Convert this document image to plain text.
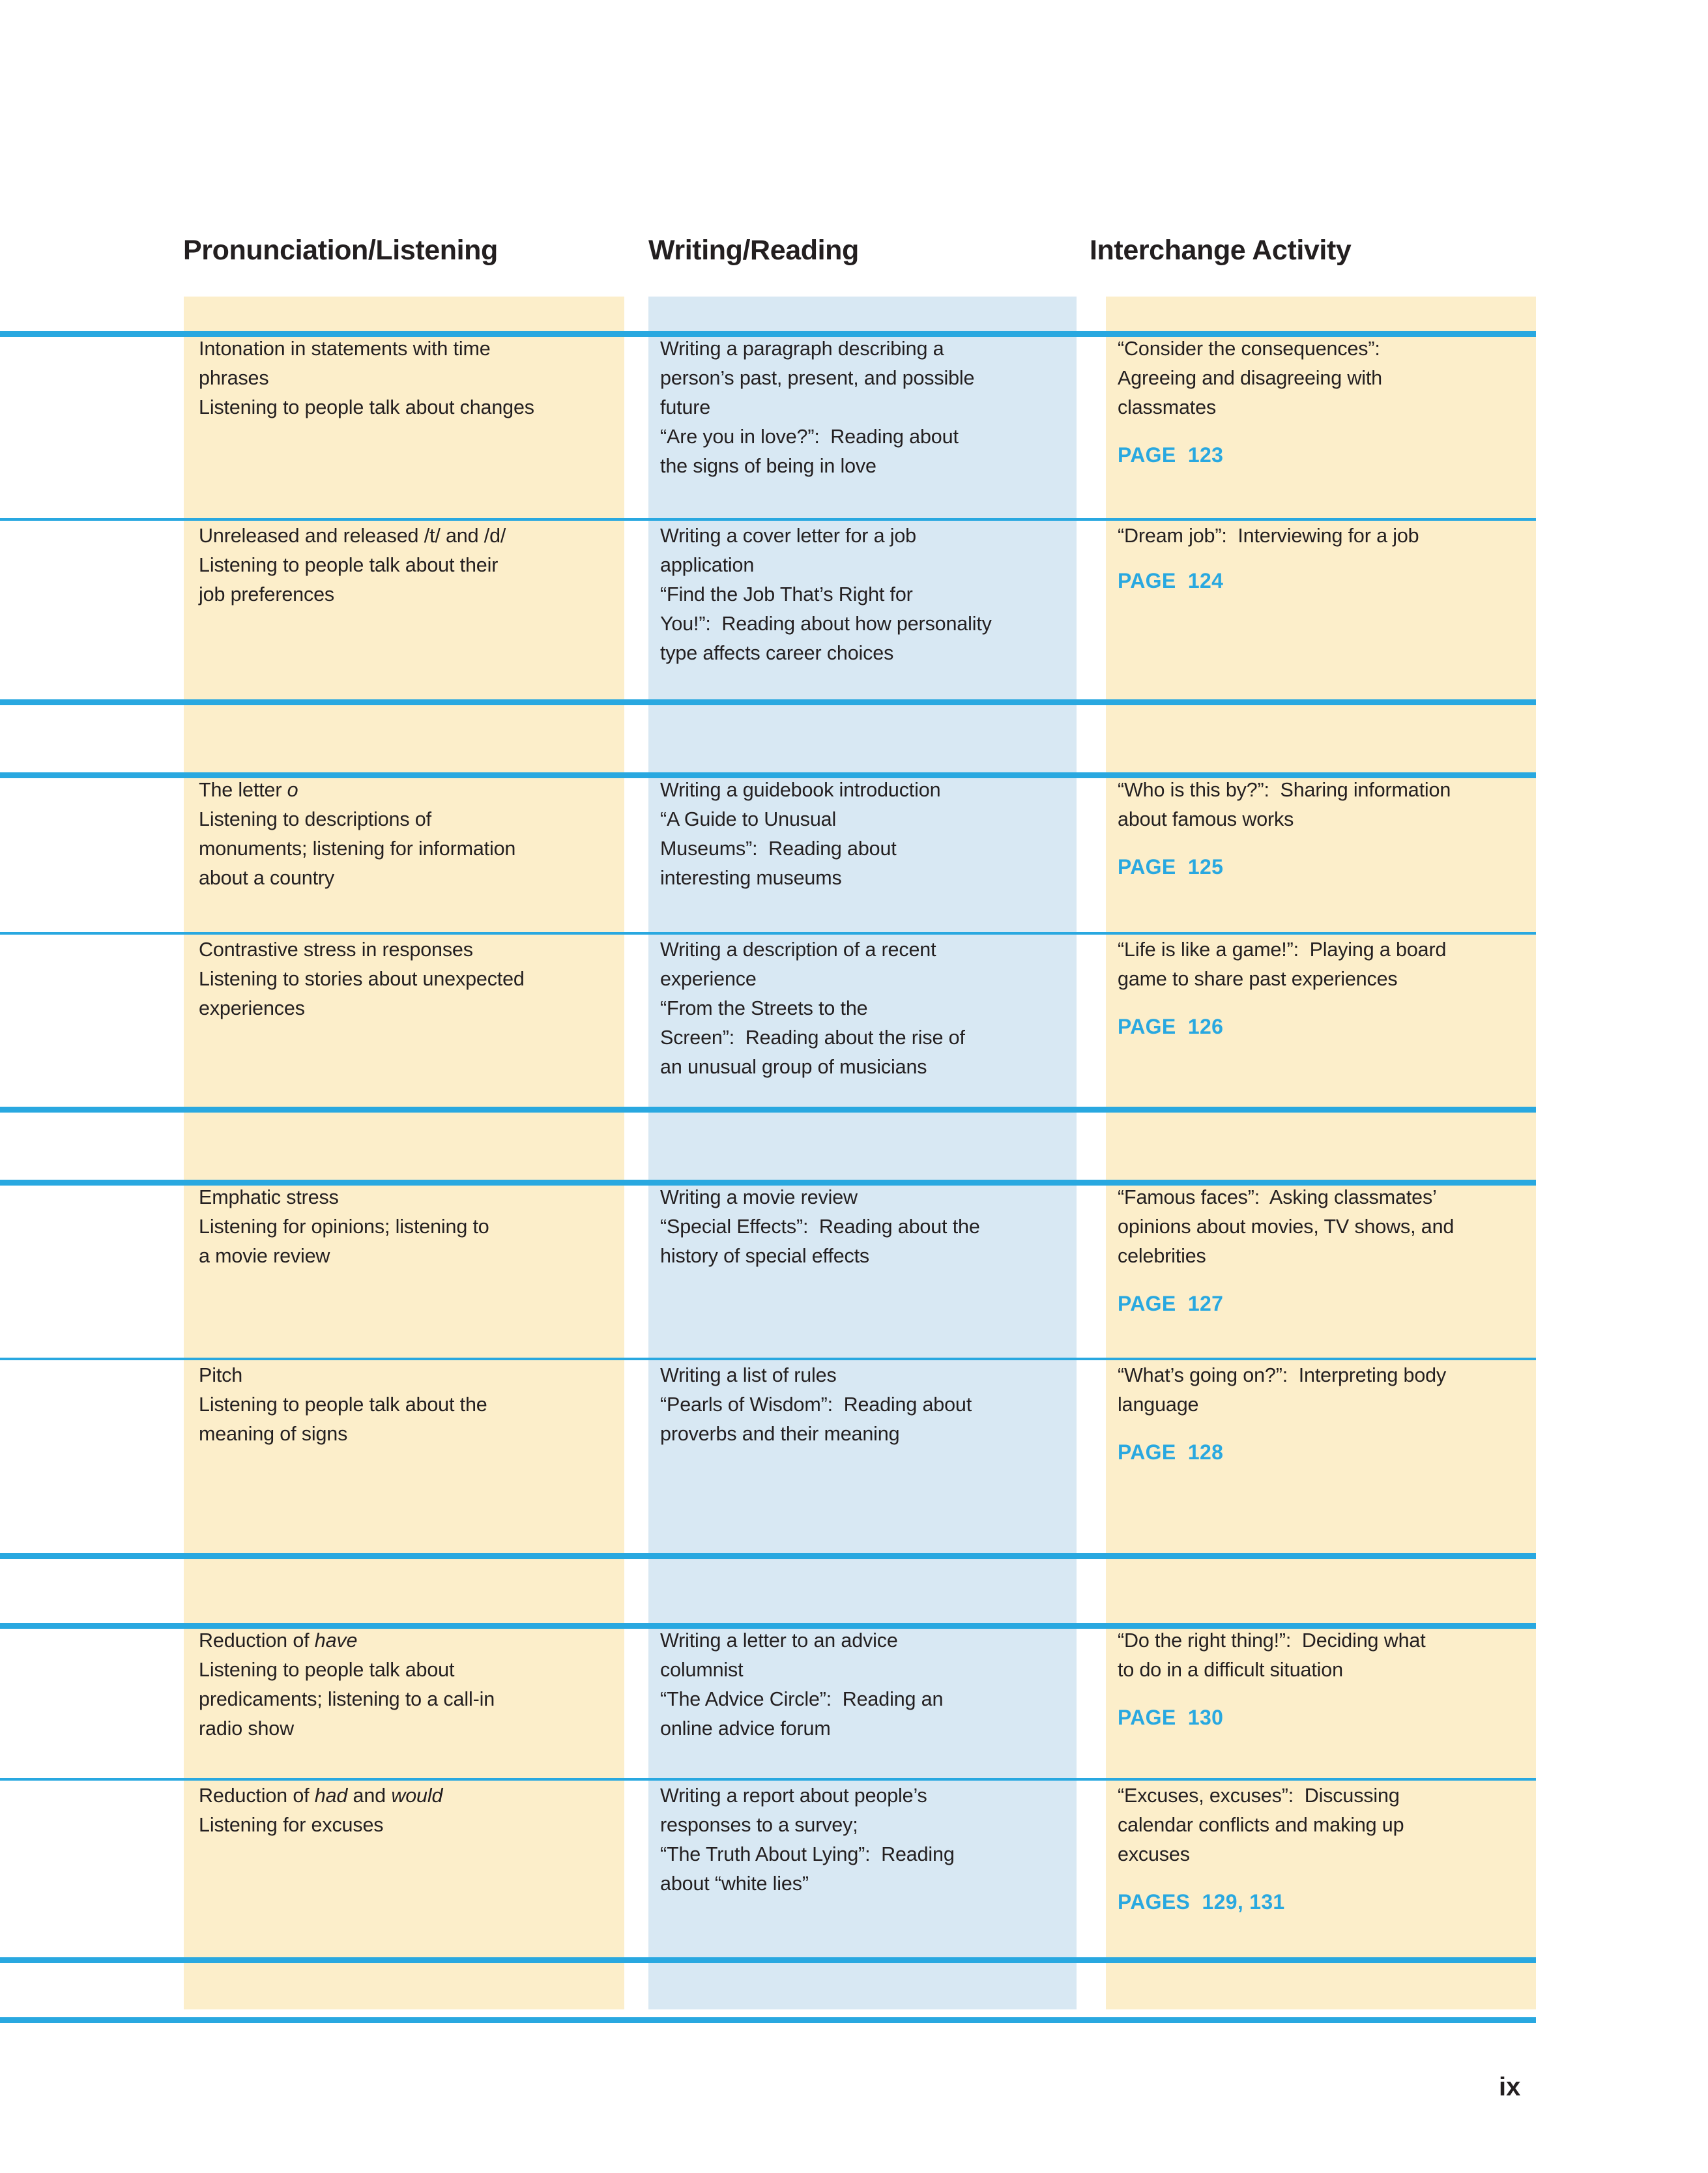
Pronunciation/Listening	Writing/Reading	Interchange Activity
Intonation in statements with time
phrases
Listening to people talk about changes
Writing a paragraph describing a
person’s past, present, and possible
future
“Are you in love?”:  Reading about
the signs of being in love
“Consider the consequences”:
Agreeing and disagreeing with
classmates
PAGE 123
Unreleased and released /t/ and /d/
Listening to people talk about their
job preferences
Writing a cover letter for a job
application
“Find the Job That’s Right for
You!”:  Reading about how personality
type affects career choices
“Dream job”:  Interviewing for a job
PAGE 124
The letter o
Listening to descriptions of
monuments; listening for information
about a country
Writing a guidebook introduction
“A Guide to Unusual
Museums”:  Reading about
interesting museums
“Who is this by?”:  Sharing information
about famous works
PAGE 125
Contrastive stress in responses
Listening to stories about unexpected
experiences
Writing a description of a recent
experience
“From the Streets to the
Screen”:  Reading about the rise of
an unusual group of musicians
“Life is like a game!”:  Playing a board
game to share past experiences
PAGE 126
Emphatic stress
Listening for opinions; listening to
a movie review
Writing a movie review
“Special Effects”:  Reading about the
history of special effects
“Famous faces”:  Asking classmates’
opinions about movies, TV shows, and
celebrities
PAGE 127
Pitch
Listening to people talk about the
meaning of signs
Writing a list of rules
“Pearls of Wisdom”:  Reading about
proverbs and their meaning
“What’s going on?”:  Interpreting body
language
PAGE 128
Reduction of have
Listening to people talk about
predicaments; listening to a call-in
radio show
Writing a letter to an advice
columnist
“The Advice Circle”:  Reading an
online advice forum
“Do the right thing!”:  Deciding what
to do in a difficult situation
PAGE 130
Reduction of had and would
Listening for excuses
Writing a report about people’s
responses to a survey;
“The Truth About Lying”:  Reading
about “white lies”
“Excuses, excuses”:  Discussing
calendar conflicts and making up
excuses
PAGES 129, 131
ix
